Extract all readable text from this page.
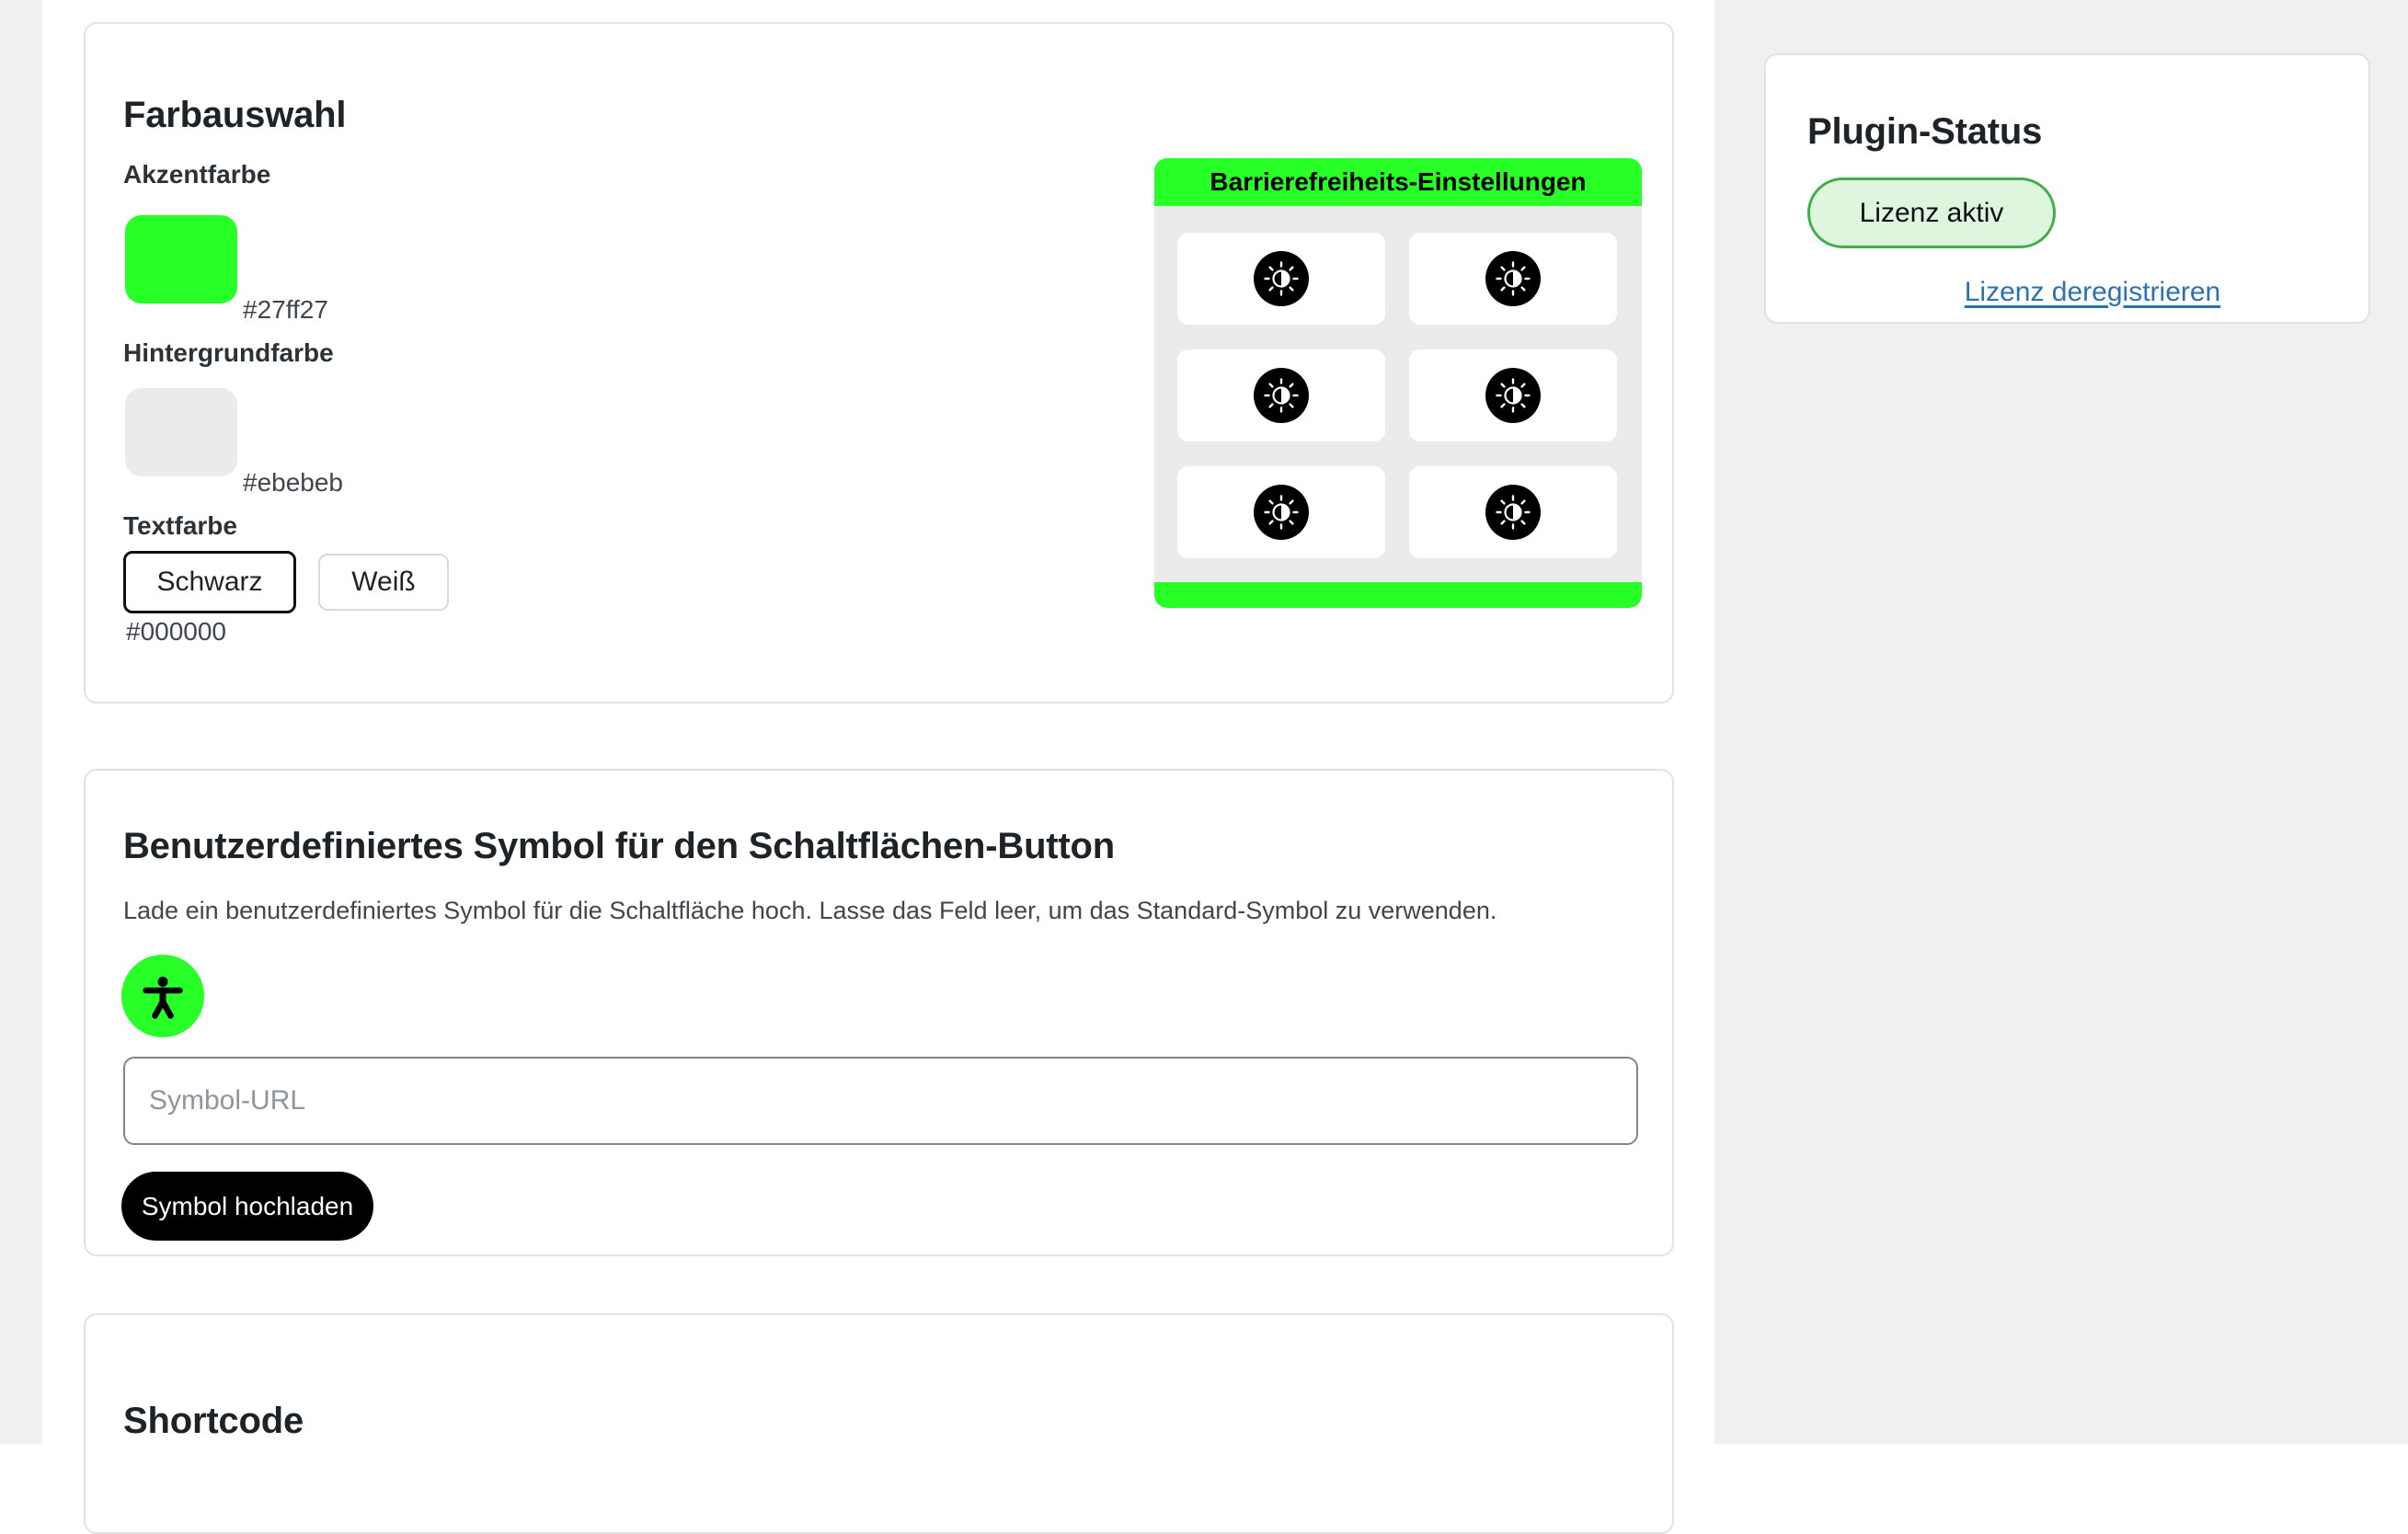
Farbauswahl
Akzentfarbe
#27ff27
Hintergrundfarbe
#ebebeb
Textfarbe
Schwarz	Weiß
#000000
Barrierefreiheits-Einstellungen
Benutzerdefiniertes Symbol für den Schaltflächen-Button

Lade ein benutzerdefiniertes Symbol für die Schaltfläche hoch. Lasse das Feld leer, um das Standard-Symbol zu verwenden.

Symbol-URL
Symbol hochladen
Shortcode
Plugin-Status
Lizenz aktiv
Lizenz deregistrieren
